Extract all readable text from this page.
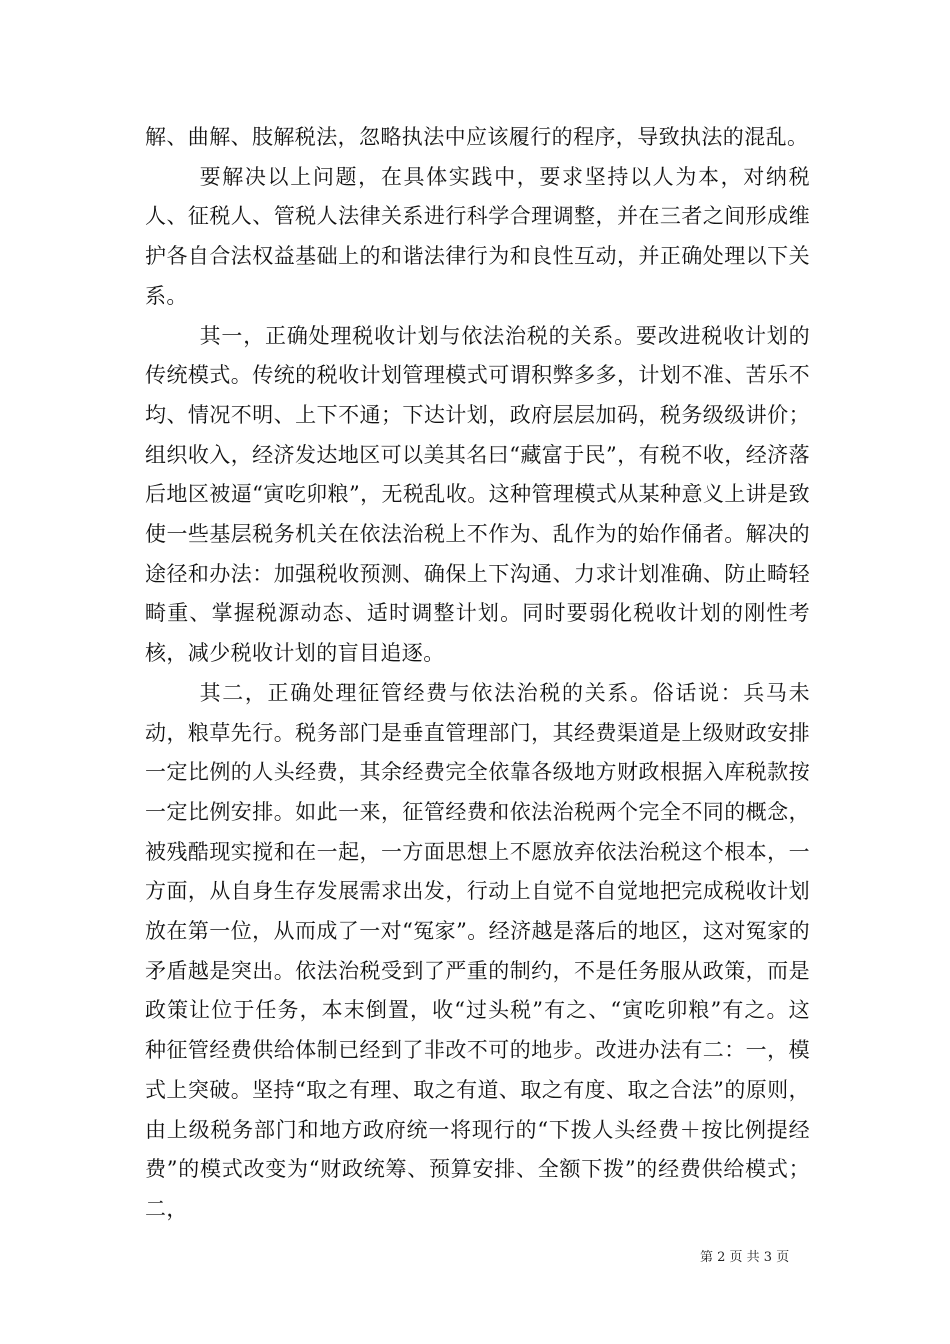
解、曲解、肢解税法，忽略执法中应该履行的程序，导致执法的混乱。

要解决以上问题，在具体实践中，要求坚持以人为本，对纳税人、征税人、管税人法律关系进行科学合理调整，并在三者之间形成维护各自合法权益基础上的和谐法律行为和良性互动，并正确处理以下关系。

其一，正确处理税收计划与依法治税的关系。要改进税收计划的传统模式。传统的税收计划管理模式可谓积弊多多，计划不准、苦乐不均、情况不明、上下不通；下达计划，政府层层加码，税务级级讲价；组织收入，经济发达地区可以美其名曰“藏富于民”，有税不收，经济落后地区被逼“寅吃卯粮”，无税乱收。这种管理模式从某种意义上讲是致使一些基层税务机关在依法治税上不作为、乱作为的始作俑者。解决的途径和办法：加强税收预测、确保上下沟通、力求计划准确、防止畸轻畸重、掌握税源动态、适时调整计划。同时要弱化税收计划的刚性考核，减少税收计划的盲目追逐。

其二，正确处理征管经费与依法治税的关系。俗话说：兵马未动，粮草先行。税务部门是垂直管理部门，其经费渠道是上级财政安排一定比例的人头经费，其余经费完全依靠各级地方财政根据入库税款按一定比例安排。如此一来，征管经费和依法治税两个完全不同的概念，被残酷现实搅和在一起，一方面思想上不愿放弃依法治税这个根本，一方面，从自身生存发展需求出发，行动上自觉不自觉地把完成税收计划放在第一位，从而成了一对“冤家”。经济越是落后的地区，这对冤家的矛盾越是突出。依法治税受到了严重的制约，不是任务服从政策，而是政策让位于任务，本末倒置，收“过头税”有之、“寅吃卯粮”有之。这种征管经费供给体制已经到了非改不可的地步。改进办法有二：一，模式上突破。坚持“取之有理、取之有道、取之有度、取之合法”的原则，由上级税务部门和地方政府统一将现行的“下拨人头经费＋按比例提经费”的模式改变为“财政统筹、预算安排、全额下拨”的经费供给模式；二，

第 2 页 共 3 页
